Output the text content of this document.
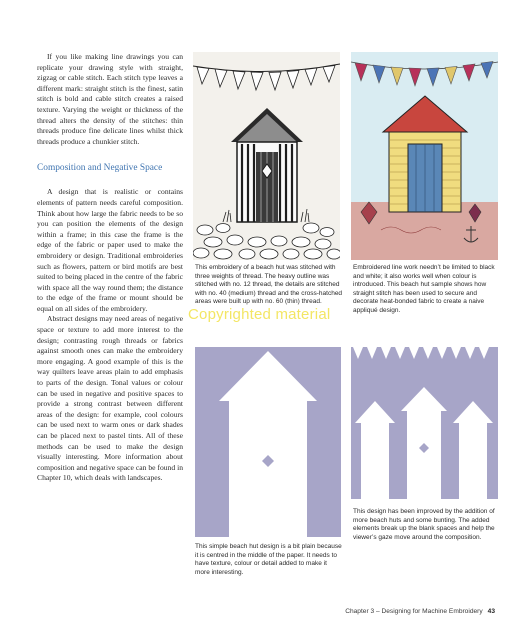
If you like making line drawings you can replicate your drawing style with straight, zigzag or cable stitch. Each stitch type leaves a different mark: straight stitch is the finest, satin stitch is bold and cable stitch creates a raised texture. Varying the weight or thickness of the thread alters the density of the stitches: thin threads produce fine delicate lines whilst thick threads produce a chunkier stitch.

Composition and Negative Space

A design that is realistic or contains elements of pattern needs careful composition. Think about how large the fabric needs to be so you can position the elements of the design within a frame; in this case the frame is the edge of the fabric or paper used to make the embroidery or design. Traditional embroideries such as flowers, pattern or bird motifs are best suited to being placed in the centre of the fabric with space all the way round them; the distance to the edge of the frame or mount should be equal on all sides of the embroidery.

Abstract designs may need areas of negative space or texture to add more interest to the design; contrasting rough threads or fabrics against smooth ones can make the embroidery more engaging. A good example of this is the way quilters leave areas plain to add emphasis to parts of the design. Tonal values or colour can be used in negative and positive spaces to provide a strong contrast between different areas of the design: for example, cool colours can be used next to warm ones or dark shades can be placed next to pastel tints. All of these methods can be used to make the design visually interesting. More information about composition and negative space can be found in Chapter 10, which deals with landscapes.

This embroidery of a beach hut was stitched with three weights of thread. The heavy outline was stitched with no. 12 thread, the details are stitched with no. 40 (medium) thread and the cross-hatched areas were built up with no. 60 (thin) thread.

Embroidered line work needn’t be limited to black and white; it also works well when colour is introduced. This beach hut sample shows how straight stitch has been used to secure and decorate heat-bonded fabric to create a naive appliqué design.

This simple beach hut design is a bit plain because it is centred in the middle of the paper. It needs to have texture, colour or detail added to make it more interesting.

This design has been improved by the addition of more beach huts and some bunting. The added elements break up the blank spaces and help the viewer’s gaze move around the composition.

Copyrighted material
Chapter 3 – Designing for Machine Embroidery 43
